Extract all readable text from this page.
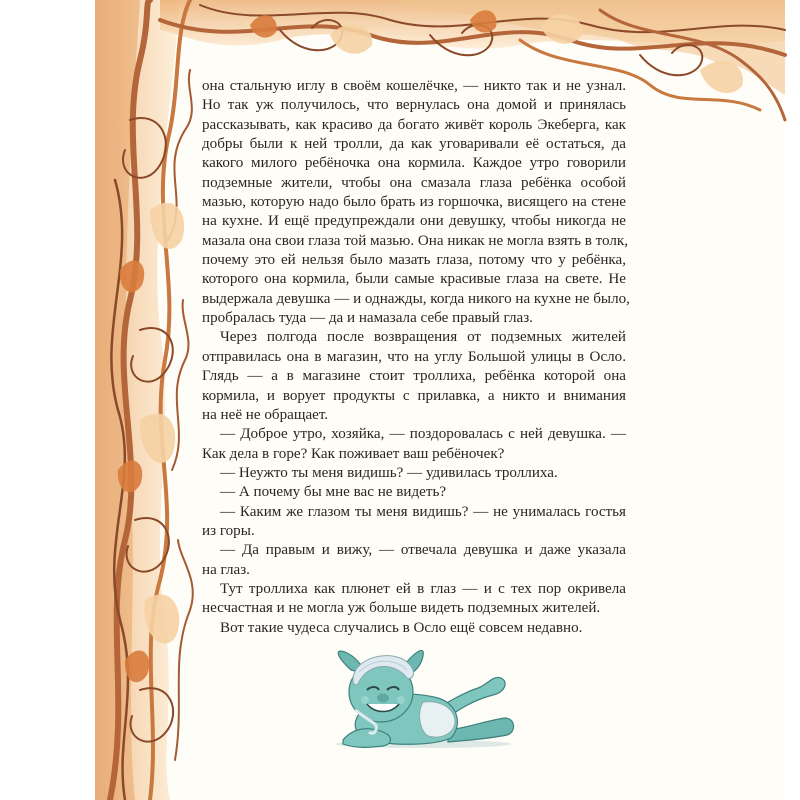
она стальную иглу в своём кошелёчке, — никто так и не узнал.
Но так уж получилось, что вернулась она домой и принялась
рассказывать, как красиво да богато живёт король Экеберга, как
добры были к ней тролли, да как уговаривали её остаться, да
какого милого ребёночка она кормила. Каждое утро говорили
подземные жители, чтобы она смазала глаза ребёнка особой
мазью, которую надо было брать из горшочка, висящего на стене
на кухне. И ещё предупреждали они девушку, чтобы никогда не
мазала она свои глаза той мазью. Она никак не могла взять в толк,
почему это ей нельзя было мазать глаза, потому что у ребёнка,
которого она кормила, были самые красивые глаза на свете. Не
выдержала девушка — и однажды, когда никого на кухне не было,
пробралась туда — да и намазала себе правый глаз.
Через полгода после возвращения от подземных жителей
отправилась она в магазин, что на углу Большой улицы в Осло.
Глядь — а в магазине стоит троллиха, ребёнка которой она
кормила, и ворует продукты с прилавка, а никто и внимания
на неё не обращает.
— Доброе утро, хозяйка, — поздоровалась с ней девушка. —
Как дела в горе? Как поживает ваш ребёночек?
— Неужто ты меня видишь? — удивилась троллиха.
— А почему бы мне вас не видеть?
— Каким же глазом ты меня видишь? — не унималась гостья
из горы.
— Да правым и вижу, — отвечала девушка и даже указала
на глаз.
Тут троллиха как плюнет ей в глаз — и с тех пор окривела
несчастная и не могла уж больше видеть подземных жителей.
Вот такие чудеса случались в Осло ещё совсем недавно.
